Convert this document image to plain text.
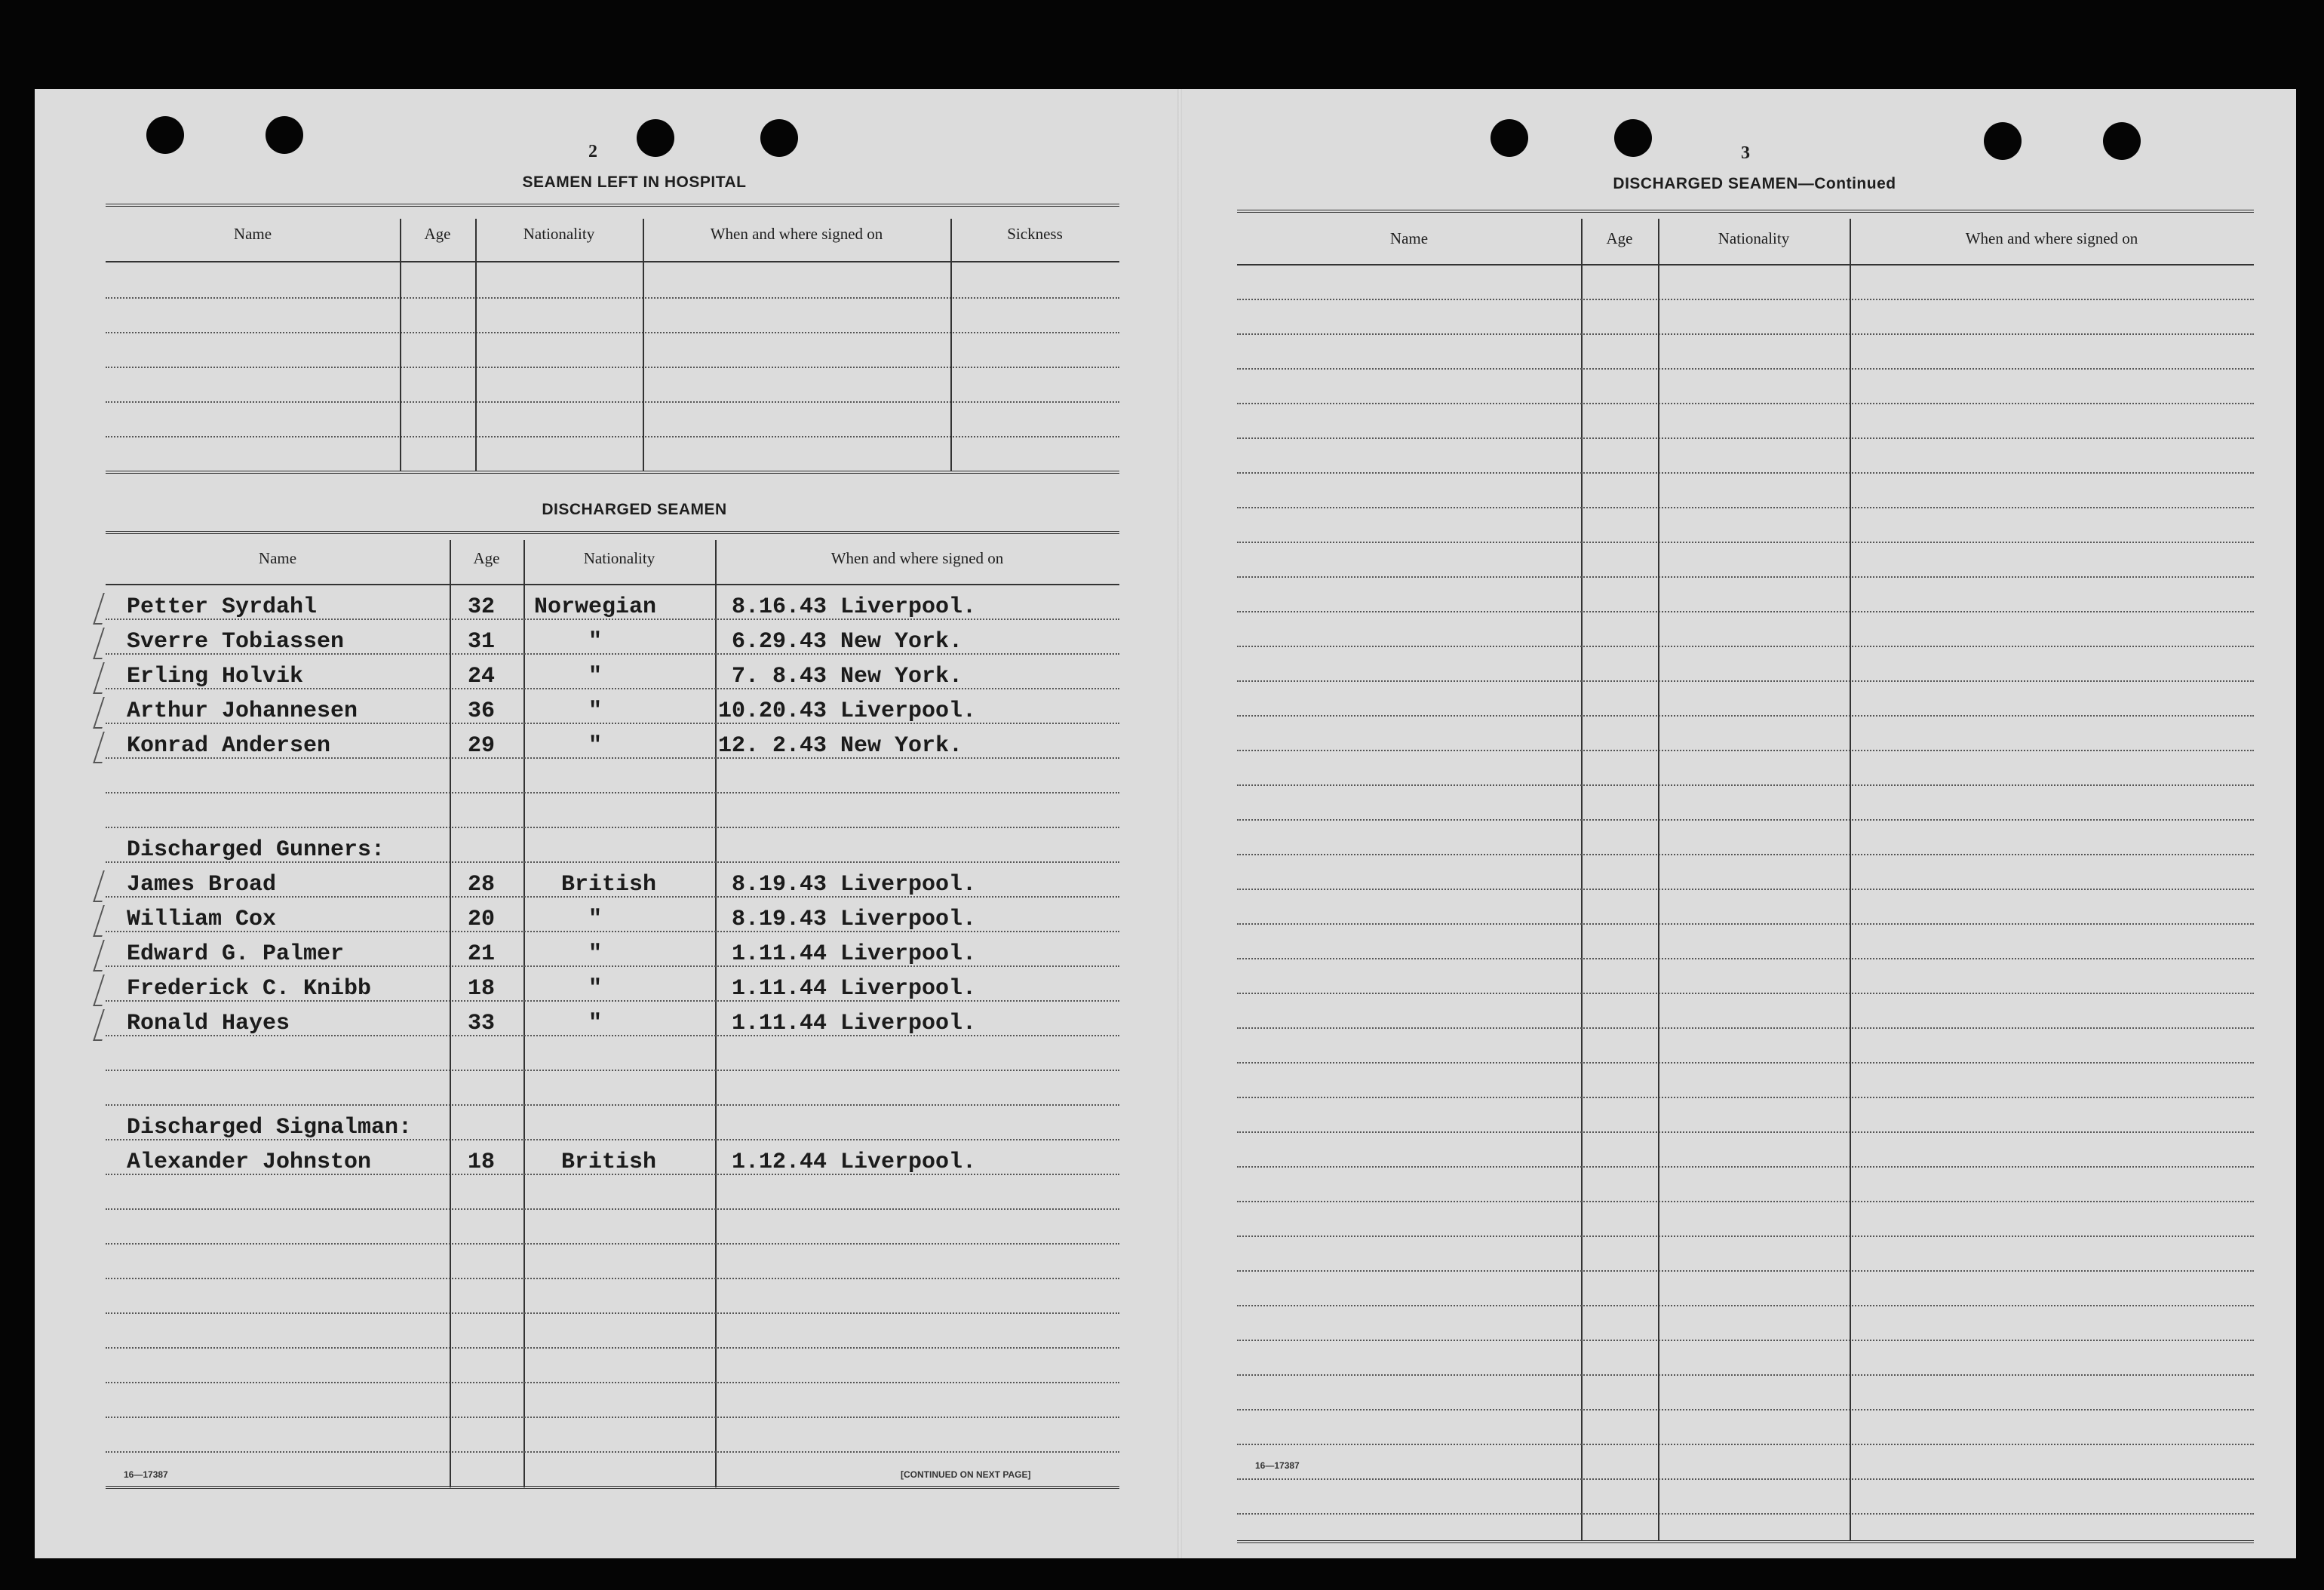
2
SEAMEN LEFT IN HOSPITAL
Name	Age	Nationality	When and where signed on	Sickness
DISCHARGED SEAMEN
Name	Age	Nationality	When and where signed on
Petter Syrdahl	32 Norwegian	8.16.43 Liverpool.
Sverre Tobiassen	31	"	6.29.43 New York.
Erling Holvik	24	"	7. 8.43 New York.
Arthur Johannesen	36	"	10.20.43 Liverpool.
Konrad Andersen	29	"	12. 2.43 New York.
Discharged Gunners:
James Broad	28	British	8.19.43 Liverpool.
William Cox	20	"	8.19.43 Liverpool.
Edward G. Palmer	21	"	1.11.44 Liverpool.
Frederick C. Knibb	18	"	1.11.44 Liverpool.
Ronald Hayes	33	"	1.11.44 Liverpool.
Discharged Signalman:
Alexander Johnston	18	British	1.12.44 Liverpool.
16—17387	[CONTINUED ON NEXT PAGE]
3
DISCHARGED SEAMEN—Continued
Name	Age	Nationality	When and where signed on
16—17387
